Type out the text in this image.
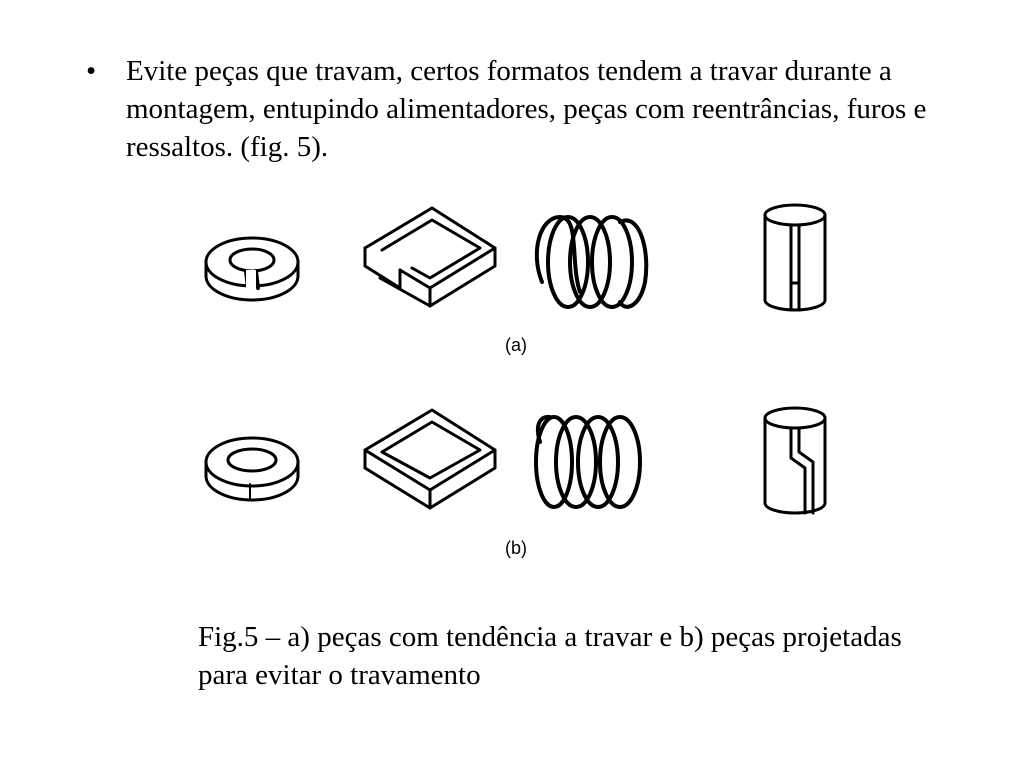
• Evite peças que travam, certos formatos tendem a travar durante a montagem, entupindo alimentadores, peças com reentrâncias, furos e ressaltos. (fig. 5).
(a)
(b)
Fig.5 – a) peças com tendência a travar e b) peças projetadas para evitar o travamento
